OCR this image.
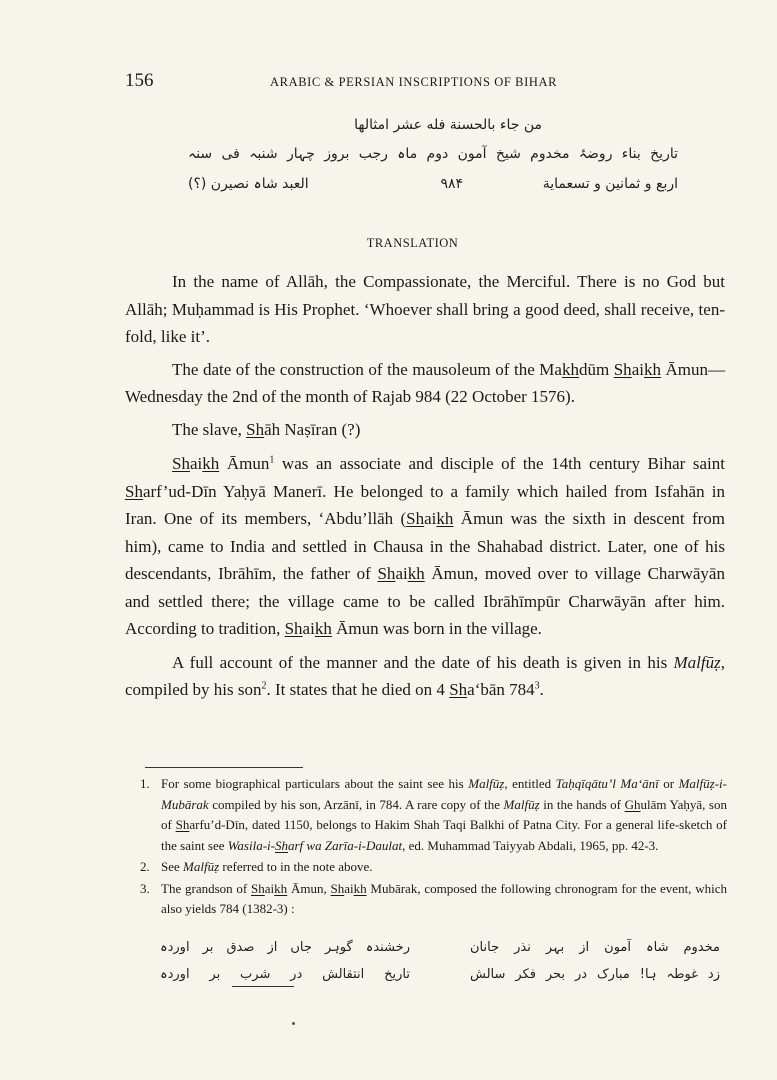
156	ARABIC & PERSIAN INSCRIPTIONS OF BIHAR
من جاء بالحسنة فله عشر امثالها
تاریخ بناء روضۂ مخدوم شیخ آمون دوم ماہ رجب بروز چہار شنبہ فی سنہ
اربع و ثمانین و تسعمایة
۹۸۴
العبد شاہ نصیرن (؟)
TRANSLATION

In the name of Allāh, the Compassionate, the Merciful. There is no God but Allāh; Muḥammad is His Prophet. ‘Whoever shall bring a good deed, shall receive, ten-fold, like it’.

The date of the construction of the mausoleum of the Makhdūm Shaikh Āmun—Wednesday the 2nd of the month of Rajab 984 (22 October 1576).

The slave, Shāh Naṣīran (?)

Shaikh Āmun$^1$ was an associate and disciple of the 14th century Bihar saint Sharf’ud-Dīn Yaḥyā Manerī. He belonged to a family which hailed from Isfahān in Iran. One of its members, ‘Abdu’llāh (Shaikh Āmun was the sixth in descent from him), came to India and settled in Chausa in the Shahabad district. Later, one of his descendants, Ibrāhīm, the father of Shaikh Āmun, moved over to village Charwāyān and settled there; the village came to be called Ibrāhīmpūr Charwāyān after him. According to tradition, Shaikh Āmun was born in the village.

A full account of the manner and the date of his death is given in his Malfūẓ, compiled by his son$^2$. It states that he died on 4 Sha‘bān $784^3$.

1. For some biographical particulars about the saint see his Malfūẓ, entitled Taḥqīqātu’l Ma‘ānī or Malfūẓ-i-Mubārak compiled by his son, Arzānī, in 784. A rare copy of the Malfūẓ in the hands of Ghulām Yaḥyā, son of Sharfu’d-Dīn, dated 1150, belongs to Hakim Shah Taqi Balkhi of Patna City. For a general life-sketch of the saint see Wasila-i-Sharf wa Zarīa-i-Daulat, ed. Muhammad Taiyyab Abdali, 1965, pp. 42-3.

2. See Malfūẓ referred to in the note above.

3. The grandson of Shaikh Āmun, Shaikh Mubārak, composed the following chronogram for the event, which also yields 784 (1382-3) :

مخدوم شاہ آمون از بہر نذر جانان
رخشندہ گوہر جاں از صدق بر اوردہ
زد غوطہ ہا! مبارک در بحر فکر سالش
تاریخ انتقالش در شرب بر اوردہ
